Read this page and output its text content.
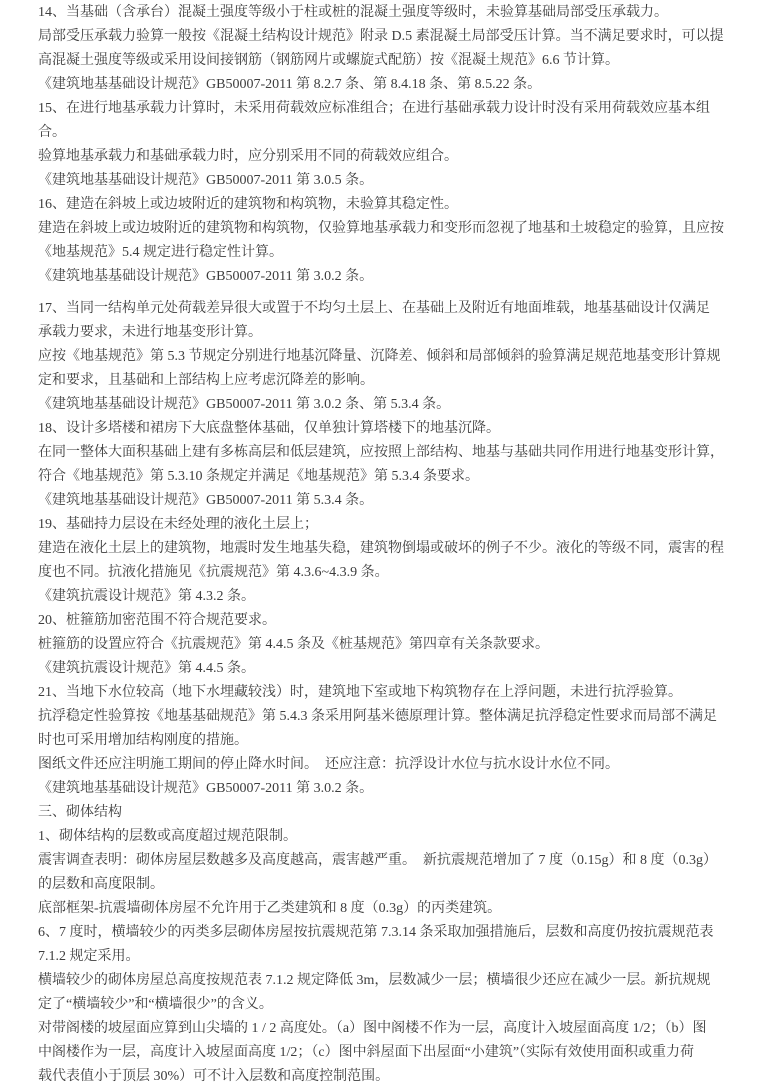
14、当基础（含承台）混凝土强度等级小于柱或桩的混凝土强度等级时，未验算基础局部受压承载力。
局部受压承载力验算一般按《混凝土结构设计规范》附录 D.5 素混凝土局部受压计算。当不满足要求时，可以提
高混凝土强度等级或采用设间接钢筋（钢筋网片或螺旋式配筋）按《混凝土规范》6.6 节计算。
《建筑地基基础设计规范》GB50007-2011 第 8.2.7 条、第 8.4.18 条、第 8.5.22 条。
15、在进行地基承载力计算时，未采用荷载效应标准组合；在进行基础承载力设计时没有采用荷载效应基本组
合。
验算地基承载力和基础承载力时，应分别采用不同的荷载效应组合。
《建筑地基基础设计规范》GB50007-2011 第 3.0.5 条。
16、建造在斜坡上或边坡附近的建筑物和构筑物，未验算其稳定性。
建造在斜坡上或边坡附近的建筑物和构筑物，仅验算地基承载力和变形而忽视了地基和土坡稳定的验算，且应按
《地基规范》5.4 规定进行稳定性计算。
《建筑地基基础设计规范》GB50007-2011 第 3.0.2 条。
17、当同一结构单元处荷载差异很大或置于不均匀土层上、在基础上及附近有地面堆载，地基基础设计仅满足
承载力要求，未进行地基变形计算。
应按《地基规范》第 5.3 节规定分别进行地基沉降量、沉降差、倾斜和局部倾斜的验算满足规范地基变形计算规
定和要求，且基础和上部结构上应考虑沉降差的影响。
《建筑地基基础设计规范》GB50007-2011 第 3.0.2 条、第 5.3.4 条。
18、设计多塔楼和裙房下大底盘整体基础，仅单独计算塔楼下的地基沉降。
在同一整体大面积基础上建有多栋高层和低层建筑，应按照上部结构、地基与基础共同作用进行地基变形计算，
符合《地基规范》第 5.3.10 条规定并满足《地基规范》第 5.3.4 条要求。
《建筑地基基础设计规范》GB50007-2011 第 5.3.4 条。
19、基础持力层设在未经处理的液化土层上；
建造在液化土层上的建筑物，地震时发生地基失稳，建筑物倒塌或破坏的例子不少。液化的等级不同，震害的程
度也不同。抗液化措施见《抗震规范》第 4.3.6~4.3.9 条。
《建筑抗震设计规范》第 4.3.2 条。
20、桩箍筋加密范围不符合规范要求。
桩箍筋的设置应符合《抗震规范》第 4.4.5 条及《桩基规范》第四章有关条款要求。
《建筑抗震设计规范》第 4.4.5 条。
21、当地下水位较高（地下水埋藏较浅）时，建筑地下室或地下构筑物存在上浮问题，未进行抗浮验算。
抗浮稳定性验算按《地基基础规范》第 5.4.3 条采用阿基米德原理计算。整体满足抗浮稳定性要求而局部不满足
时也可采用增加结构刚度的措施。
图纸文件还应注明施工期间的停止降水时间。　还应注意：抗浮设计水位与抗水设计水位不同。
《建筑地基基础设计规范》GB50007-2011 第 3.0.2 条。
三、砌体结构
1、砌体结构的层数或高度超过规范限制。
震害调查表明：砌体房屋层数越多及高度越高，震害越严重。　新抗震规范增加了 7 度（0.15g）和 8 度（0.3g）
的层数和高度限制。
底部框架-抗震墙砌体房屋不允许用于乙类建筑和 8 度（0.3g）的丙类建筑。
6、7 度时，横墙较少的丙类多层砌体房屋按抗震规范第 7.3.14 条采取加强措施后，层数和高度仍按抗震规范表
7.1.2 规定采用。
横墙较少的砌体房屋总高度按规范表 7.1.2 规定降低 3m，层数减少一层；横墙很少还应在减少一层。新抗规规
定了“横墙较少”和“横墙很少”的含义。
对带阁楼的坡屋面应算到山尖墙的 1 / 2 高度处。（a）图中阁楼不作为一层，高度计入坡屋面高度 1/2；（b）图
中阁楼作为一层，高度计入坡屋面高度 1/2；（c）图中斜屋面下出屋面“小建筑”（实际有效使用面积或重力荷
载代表值小于顶层 30%）可不计入层数和高度控制范围。
